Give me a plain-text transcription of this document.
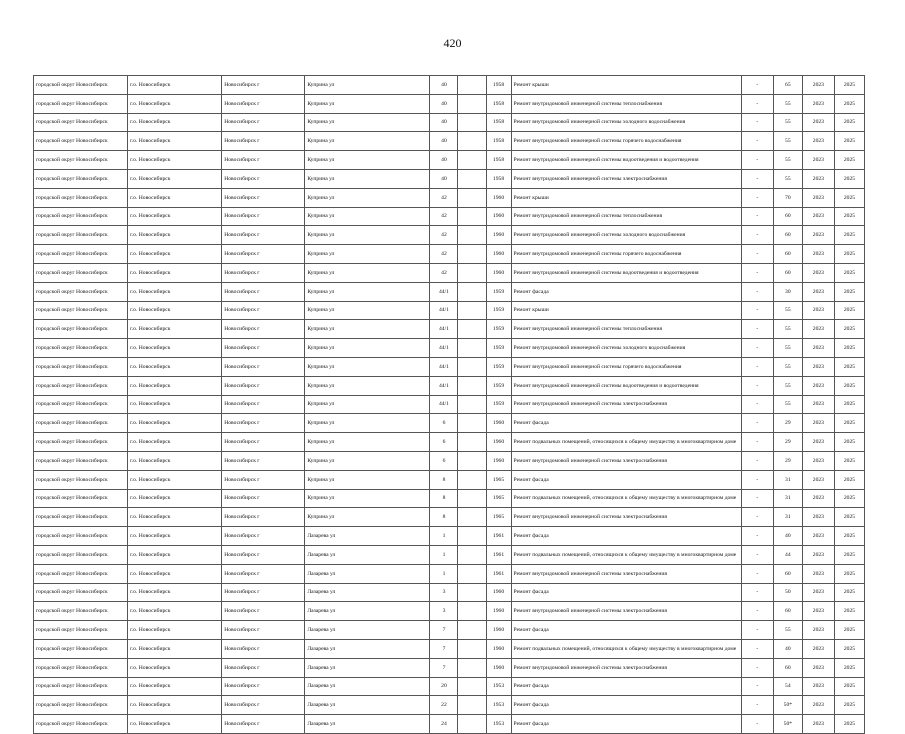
420
городской округ Новосибирск	г.о. Новосибирск	Новосибирск г	Куприна ул	40		1958	Ремонт крыши	-	65	2023	2025
городской округ Новосибирск	г.о. Новосибирск	Новосибирск г	Куприна ул	40		1958	Ремонт внутридомовой инженерной системы теплоснабжения	-	55	2023	2025
городской округ Новосибирск	г.о. Новосибирск	Новосибирск г	Куприна ул	40		1958	Ремонт внутридомовой инженерной системы холодного водоснабжения	-	55	2023	2025
городской округ Новосибирск	г.о. Новосибирск	Новосибирск г	Куприна ул	40		1958	Ремонт внутридомовой инженерной системы горячего водоснабжения	-	55	2023	2025
городской округ Новосибирск	г.о. Новосибирск	Новосибирск г	Куприна ул	40		1958	Ремонт внутридомовой инженерной системы водоотведения и водоотведения	-	55	2023	2025
городской округ Новосибирск	г.о. Новосибирск	Новосибирск г	Куприна ул	40		1958	Ремонт внутридомовой инженерной системы электроснабжения	-	55	2023	2025
городской округ Новосибирск	г.о. Новосибирск	Новосибирск г	Куприна ул	42		1960	Ремонт крыши	-	70	2023	2025
городской округ Новосибирск	г.о. Новосибирск	Новосибирск г	Куприна ул	42		1960	Ремонт внутридомовой инженерной системы теплоснабжения	-	60	2023	2025
городской округ Новосибирск	г.о. Новосибирск	Новосибирск г	Куприна ул	42		1960	Ремонт внутридомовой инженерной системы холодного водоснабжения	-	60	2023	2025
городской округ Новосибирск	г.о. Новосибирск	Новосибирск г	Куприна ул	42		1960	Ремонт внутридомовой инженерной системы горячего водоснабжения	-	60	2023	2025
городской округ Новосибирск	г.о. Новосибирск	Новосибирск г	Куприна ул	42		1960	Ремонт внутридомовой инженерной системы водоотведения и водоотведения	-	60	2023	2025
городской округ Новосибирск	г.о. Новосибирск	Новосибирск г	Куприна ул	44/1		1959	Ремонт фасада	-	30	2023	2025
городской округ Новосибирск	г.о. Новосибирск	Новосибирск г	Куприна ул	44/1		1959	Ремонт крыши	-	55	2023	2025
городской округ Новосибирск	г.о. Новосибирск	Новосибирск г	Куприна ул	44/1		1959	Ремонт внутридомовой инженерной системы теплоснабжения	-	55	2023	2025
городской округ Новосибирск	г.о. Новосибирск	Новосибирск г	Куприна ул	44/1		1959	Ремонт внутридомовой инженерной системы холодного водоснабжения	-	55	2023	2025
городской округ Новосибирск	г.о. Новосибирск	Новосибирск г	Куприна ул	44/1		1959	Ремонт внутридомовой инженерной системы горячего водоснабжения	-	55	2023	2025
городской округ Новосибирск	г.о. Новосибирск	Новосибирск г	Куприна ул	44/1		1959	Ремонт внутридомовой инженерной системы водоотведения и водоотведения	-	55	2023	2025
городской округ Новосибирск	г.о. Новосибирск	Новосибирск г	Куприна ул	44/1		1959	Ремонт внутридомовой инженерной системы электроснабжения	-	55	2023	2025
городской округ Новосибирск	г.о. Новосибирск	Новосибирск г	Куприна ул	6		1960	Ремонт фасада	-	29	2023	2025
городской округ Новосибирск	г.о. Новосибирск	Новосибирск г	Куприна ул	6		1960	Ремонт подвальных помещений, относящихся к общему имуществу в многоквартирном доме	-	29	2023	2025
городской округ Новосибирск	г.о. Новосибирск	Новосибирск г	Куприна ул	6		1960	Ремонт внутридомовой инженерной системы электроснабжения	-	29	2023	2025
городской округ Новосибирск	г.о. Новосибирск	Новосибирск г	Куприна ул	8		1965	Ремонт фасада	-	31	2023	2025
городской округ Новосибирск	г.о. Новосибирск	Новосибирск г	Куприна ул	8		1965	Ремонт подвальных помещений, относящихся к общему имуществу в многоквартирном доме	-	31	2023	2025
городской округ Новосибирск	г.о. Новосибирск	Новосибирск г	Куприна ул	8		1965	Ремонт внутридомовой инженерной системы электроснабжения	-	31	2023	2025
городской округ Новосибирск	г.о. Новосибирск	Новосибирск г	Лазарева ул	1		1961	Ремонт фасада	-	40	2023	2025
городской округ Новосибирск	г.о. Новосибирск	Новосибирск г	Лазарева ул	1		1961	Ремонт подвальных помещений, относящихся к общему имуществу в многоквартирном доме	-	44	2023	2025
городской округ Новосибирск	г.о. Новосибирск	Новосибирск г	Лазарева ул	1		1961	Ремонт внутридомовой инженерной системы электроснабжения	-	60	2023	2025
городской округ Новосибирск	г.о. Новосибирск	Новосибирск г	Лазарева ул	3		1960	Ремонт фасада	-	50	2023	2025
городской округ Новосибирск	г.о. Новосибирск	Новосибирск г	Лазарева ул	3		1960	Ремонт внутридомовой инженерной системы электроснабжения	-	60	2023	2025
городской округ Новосибирск	г.о. Новосибирск	Новосибирск г	Лазарева ул	7		1960	Ремонт фасада	-	55	2023	2025
городской округ Новосибирск	г.о. Новосибирск	Новосибирск г	Лазарева ул	7		1960	Ремонт подвальных помещений, относящихся к общему имуществу в многоквартирном доме	-	40	2023	2025
городской округ Новосибирск	г.о. Новосибирск	Новосибирск г	Лазарева ул	7		1960	Ремонт внутридомовой инженерной системы электроснабжения	-	60	2023	2025
городской округ Новосибирск	г.о. Новосибирск	Новосибирск г	Лазарева ул	20		1953	Ремонт фасада	-	54	2023	2025
городской округ Новосибирск	г.о. Новосибирск	Новосибирск г	Лазарева ул	22		1953	Ремонт фасада	-	50*	2023	2025
городской округ Новосибирск	г.о. Новосибирск	Новосибирск г	Лазарева ул	24		1953	Ремонт фасада	-	50*	2023	2025
